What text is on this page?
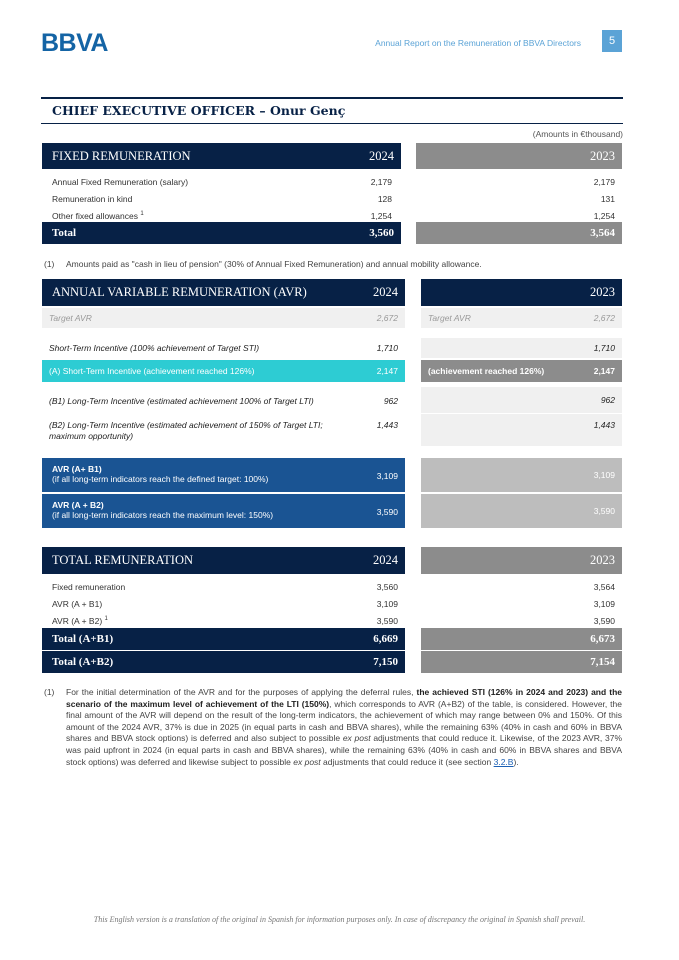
BBVA	Annual Report on the Remuneration of BBVA Directors	5
CHIEF EXECUTIVE OFFICER – Onur Genç
(Amounts in €thousand)
FIXED REMUNERATION	2024	2023
Annual Fixed Remuneration (salary)	2,179	2,179
Remuneration in kind	128	131
Other fixed allowances $^1$	1,254	1,254
Total	3,560	3,564
(1) Amounts paid as "cash in lieu of pension" (30% of Annual Fixed Remuneration) and annual mobility allowance.
ANNUAL VARIABLE REMUNERATION (AVR)	2024	2023
Target AVR	2,672	Target AVR	2,672
Short-Term Incentive (100% achievement of Target STI)	1,710	1,710
(A) Short-Term Incentive (achievement reached 126%)	2,147	(achievement reached 126%)	2,147
(B1) Long-Term Incentive (estimated achievement 100% of Target LTI)	962	962
(B2) Long-Term Incentive (estimated achievement of 150% of Target LTI; maximum opportunity)
1,443	1,443
AVR (A+ B1)
(if all long-term indicators reach the defined target: 100%)	3,109	3,109
AVR (A + B2)
(if all long-term indicators reach the maximum level: 150%)	3,590	3,590
TOTAL REMUNERATION	2024	2023
Fixed remuneration	3,560	3,564
AVR (A + B1)	3,109	3,109
AVR (A + B2) $^1$	3,590	3,590
Total (A+B1)	6,669	6,673
Total (A+B2)	7,150	7,154
(1) For the initial determination of the AVR and for the purposes of applying the deferral rules, the achieved STI (126% in 2024 and 2023) and the scenario of the maximum level of achievement of the LTI (150%), which corresponds to AVR (A+B2) of the table, is considered. However, the final amount of the AVR will depend on the result of the long-term indicators, the achievement of which may range between 0% and 150%. Of this amount of the 2024 AVR, 37% is due in 2025 (in equal parts in cash and BBVA shares), while the remaining 63% (40% in cash and 60% in BBVA shares and BBVA stock options) is deferred and also subject to possible ex post adjustments that could reduce it. Likewise, of the 2023 AVR, 37% was paid upfront in 2024 (in equal parts in cash and BBVA shares), while the remaining 63% (40% in cash and 60% in BBVA shares and BBVA stock options) was deferred and likewise subject to possible ex post adjustments that could reduce it (see section 3.2.B).
This English version is a translation of the original in Spanish for information purposes only. In case of discrepancy the original in Spanish shall prevail.
